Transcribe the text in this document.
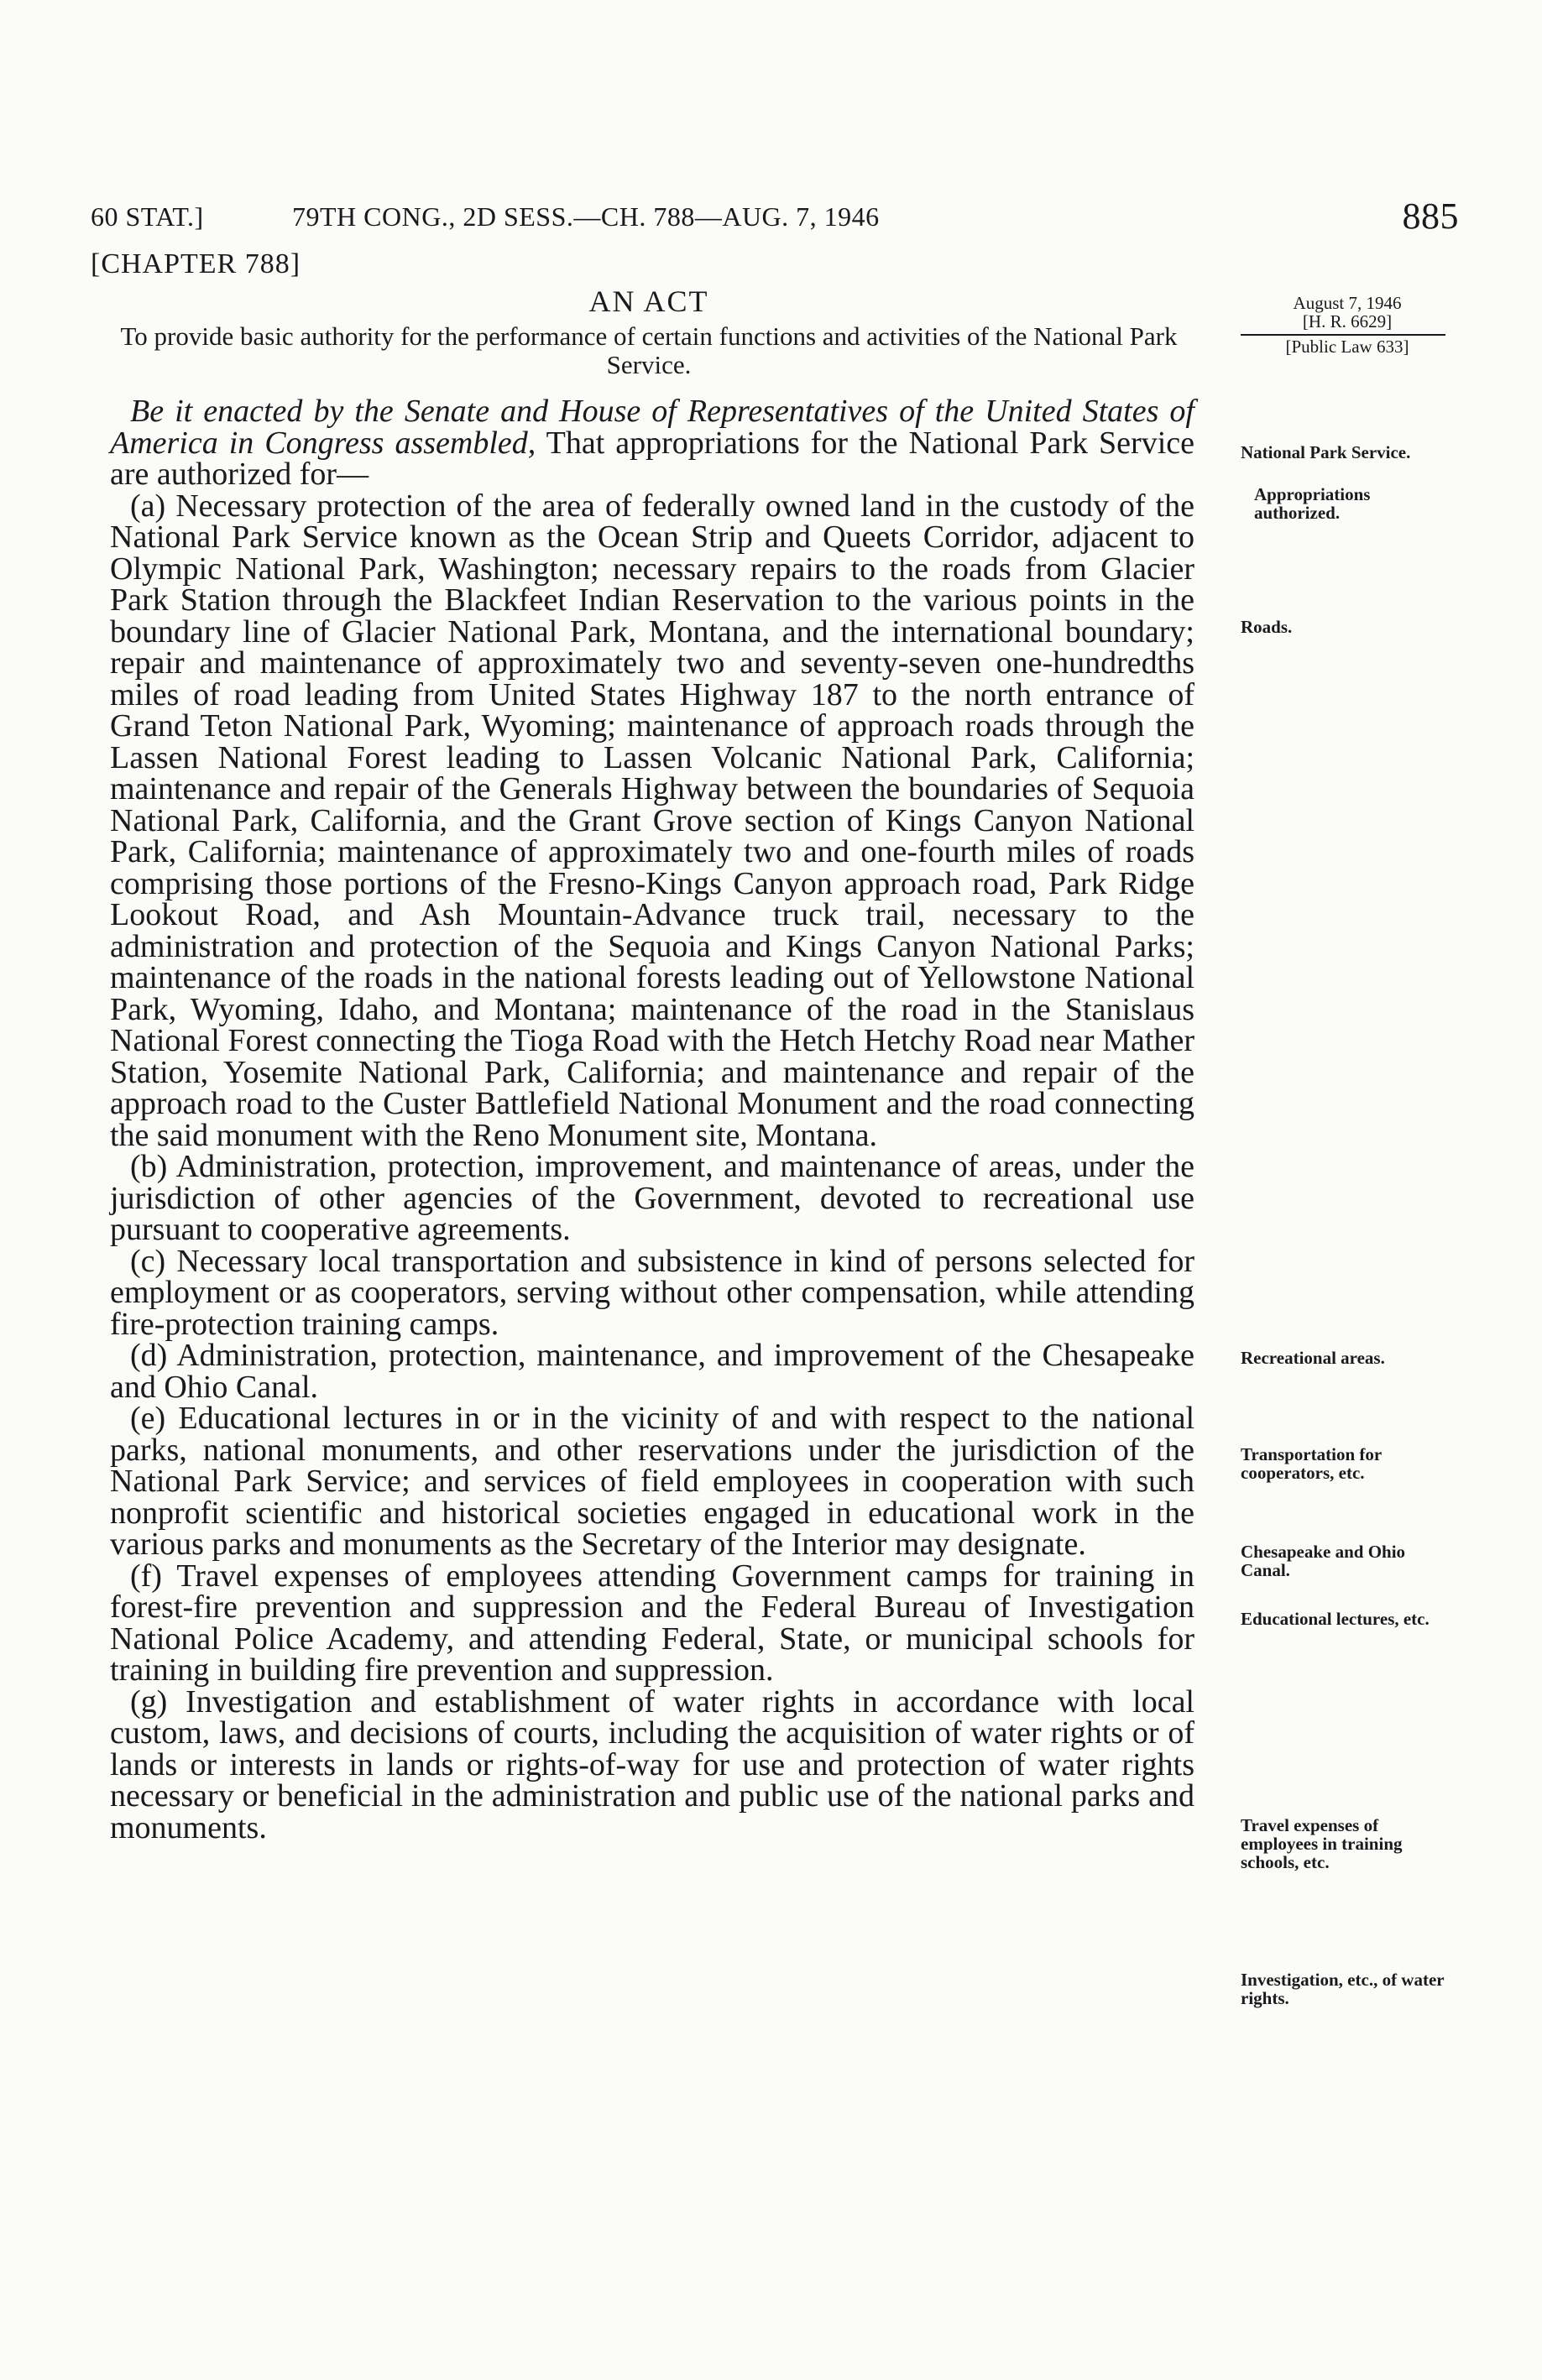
60 STAT.]	79TH CONG., 2D SESS.—CH. 788—AUG. 7, 1946	885
[CHAPTER 788]
AN ACT
To provide basic authority for the performance of certain functions and activities of the National Park Service.
August 7, 1946
[H. R. 6629]
[Public Law 633]

Be it enacted by the Senate and House of Representatives of the United States of America in Congress assembled, That appropriations for the National Park Service are authorized for—

(a) Necessary protection of the area of federally owned land in the custody of the National Park Service known as the Ocean Strip and Queets Corridor, adjacent to Olympic National Park, Washington; necessary repairs to the roads from Glacier Park Station through the Blackfeet Indian Reservation to the various points in the boundary line of Glacier National Park, Montana, and the international boundary; repair and maintenance of approximately two and seventy-seven one-hundredths miles of road leading from United States Highway 187 to the north entrance of Grand Teton National Park, Wyoming; maintenance of approach roads through the Lassen National Forest leading to Lassen Volcanic National Park, California; maintenance and repair of the Generals Highway between the boundaries of Sequoia National Park, California, and the Grant Grove section of Kings Canyon National Park, California; maintenance of approximately two and one-fourth miles of roads comprising those portions of the Fresno-Kings Canyon approach road, Park Ridge Lookout Road, and Ash Mountain-Advance truck trail, necessary to the administration and protection of the Sequoia and Kings Canyon National Parks; maintenance of the roads in the national forests leading out of Yellowstone National Park, Wyoming, Idaho, and Montana; maintenance of the road in the Stanislaus National Forest connecting the Tioga Road with the Hetch Hetchy Road near Mather Station, Yosemite National Park, California; and maintenance and repair of the approach road to the Custer Battlefield National Monument and the road connecting the said monument with the Reno Monument site, Montana.

(b) Administration, protection, improvement, and maintenance of areas, under the jurisdiction of other agencies of the Government, devoted to recreational use pursuant to cooperative agreements.

(c) Necessary local transportation and subsistence in kind of persons selected for employment or as cooperators, serving without other compensation, while attending fire-protection training camps.

(d) Administration, protection, maintenance, and improvement of the Chesapeake and Ohio Canal.

(e) Educational lectures in or in the vicinity of and with respect to the national parks, national monuments, and other reservations under the jurisdiction of the National Park Service; and services of field employees in cooperation with such nonprofit scientific and historical societies engaged in educational work in the various parks and monuments as the Secretary of the Interior may designate.

(f) Travel expenses of employees attending Government camps for training in forest-fire prevention and suppression and the Federal Bureau of Investigation National Police Academy, and attending Federal, State, or municipal schools for training in building fire prevention and suppression.

(g) Investigation and establishment of water rights in accordance with local custom, laws, and decisions of courts, including the acquisition of water rights or of lands or interests in lands or rights-of-way for use and protection of water rights necessary or beneficial in the administration and public use of the national parks and monuments.

National Park Service.
Appropriations authorized.
Roads.
Recreational areas.
Transportation for cooperators, etc.
Chesapeake and Ohio Canal.
Educational lectures, etc.
Travel expenses of employees in training schools, etc.
Investigation, etc., of water rights.
